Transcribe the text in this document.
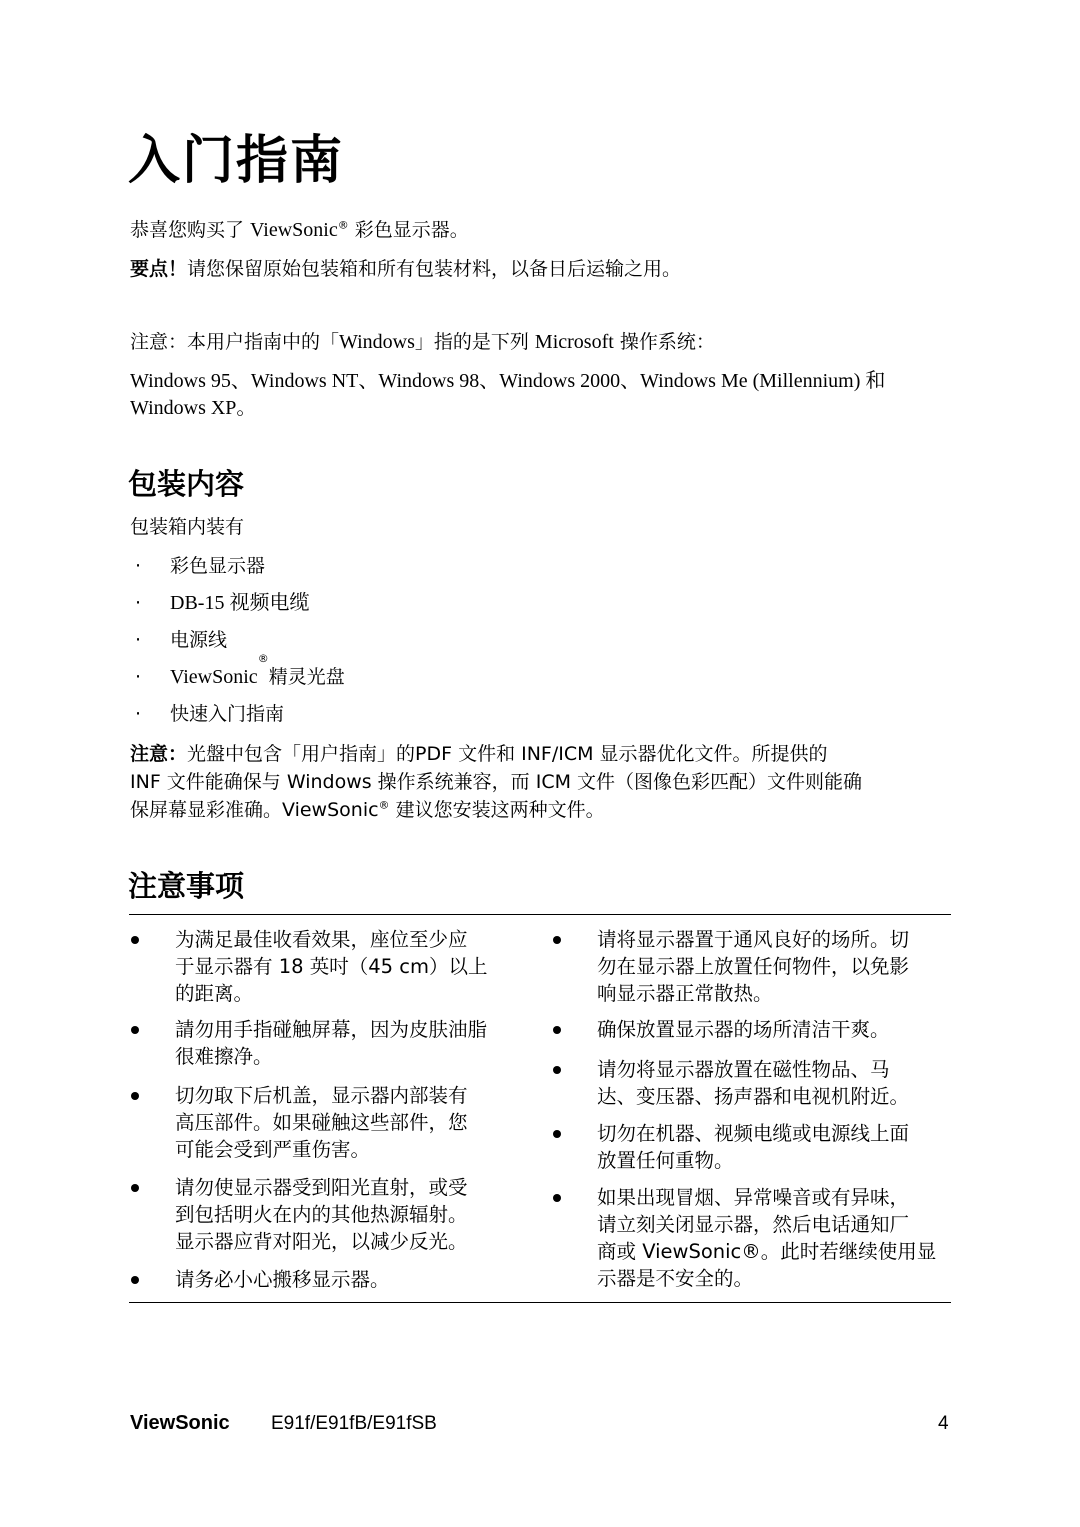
入门指南
恭喜您购买了 ViewSonic® 彩色显示器。
要点！请您保留原始包装箱和所有包装材料，以备日后运输之用。
注意：本用户指南中的「Windows」指的是下列 Microsoft 操作系统：
Windows 95、Windows NT、Windows 98、Windows 2000、Windows Me (Millennium) 和
Windows XP。
包装内容
包装箱内装有
·	彩色显示器
·	DB-15 视频电缆
·	电源线
·	ViewSonic
®
精灵光盘
·	快速入门指南
注意：光盤中包含「用户指南」的PDF 文件和 INF/ICM 显示器优化文件。所提供的
INF 文件能确保与 Windows 操作系统兼容，而 ICM 文件（图像色彩匹配）文件则能确
保屏幕显彩准确。ViewSonic® 建议您安装这两种文件。
注意事项
为满足最佳收看效果，座位至少应
于显示器有 18 英吋（45 cm）以上
的距离。
請勿用手指碰触屏幕，因为皮肤油脂
很难擦净。
切勿取下后机盖，显示器内部装有
高压部件。如果碰触这些部件，您
可能会受到严重伤害。
请勿使显示器受到阳光直射，或受
到包括明火在内的其他热源辐射。
显示器应背对阳光，以减少反光。
请务必小心搬移显示器。
请将显示器置于通风良好的场所。切
勿在显示器上放置任何物件，以免影
响显示器正常散热。
确保放置显示器的场所清洁干爽。
请勿将显示器放置在磁性物品、马
达、变压器、扬声器和电视机附近。
切勿在机器、视频电缆或电源线上面
放置任何重物。
如果出现冒烟、异常噪音或有异味，
请立刻关闭显示器，然后电话通知厂
商或 ViewSonic®。此时若继续使用显
示器是不安全的。
ViewSonic E91f/E91fB/E91fSB	4
